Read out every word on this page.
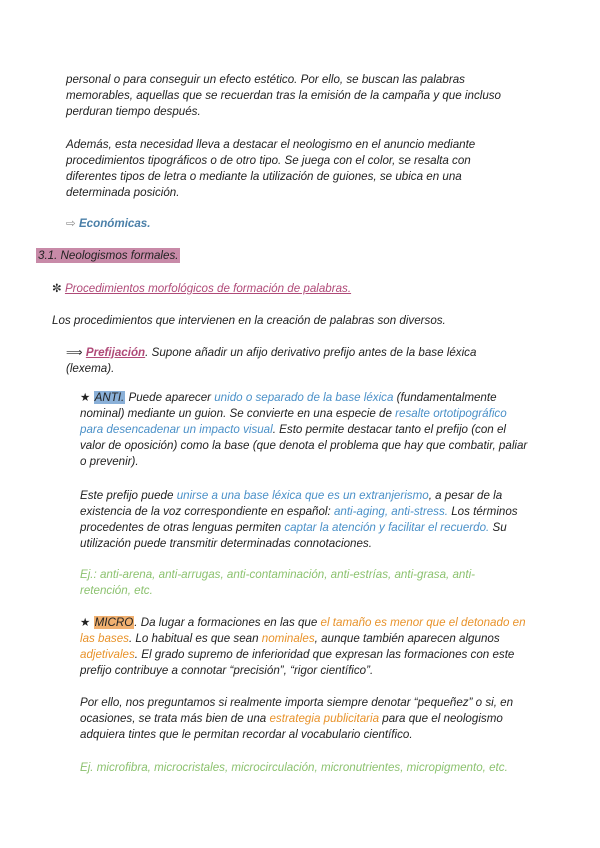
personal o para conseguir un efecto estético. Por ello, se buscan las palabras memorables, aquellas que se recuerdan tras la emisión de la campaña y que incluso perduran tiempo después.

Además, esta necesidad lleva a destacar el neologismo en el anuncio mediante procedimientos tipográficos o de otro tipo. Se juega con el color, se resalta con diferentes tipos de letra o mediante la utilización de guiones, se ubica en una determinada posición.

⇨ Económicas.

3.1. Neologismos formales.

✼ Procedimientos morfológicos de formación de palabras.

Los procedimientos que intervienen en la creación de palabras son diversos.

⟹ Prefijación. Supone añadir un afijo derivativo prefijo antes de la base léxica (lexema).

★ ANTI. Puede aparecer unido o separado de la base léxica (fundamentalmente nominal) mediante un guion. Se convierte en una especie de resalte ortotipográfico para desencadenar un impacto visual. Esto permite destacar tanto el prefijo (con el valor de oposición) como la base (que denota el problema que hay que combatir, paliar o prevenir).

Este prefijo puede unirse a una base léxica que es un extranjerismo, a pesar de la existencia de la voz correspondiente en español: anti-aging, anti-stress. Los términos procedentes de otras lenguas permiten captar la atención y facilitar el recuerdo. Su utilización puede transmitir determinadas connotaciones.

Ej.: anti-arena, anti-arrugas, anti-contaminación, anti-estrías, anti-grasa, anti-retención, etc.

★ MICRO. Da lugar a formaciones en las que el tamaño es menor que el detonado en las bases. Lo habitual es que sean nominales, aunque también aparecen algunos adjetivales. El grado supremo de inferioridad que expresan las formaciones con este prefijo contribuye a connotar “precisión”, “rigor científico”.

Por ello, nos preguntamos si realmente importa siempre denotar “pequeñez” o si, en ocasiones, se trata más bien de una estrategia publicitaria para que el neologismo adquiera tintes que le permitan recordar al vocabulario científico.

Ej. microfibra, microcristales, microcirculación, micronutrientes, micropigmento, etc.
